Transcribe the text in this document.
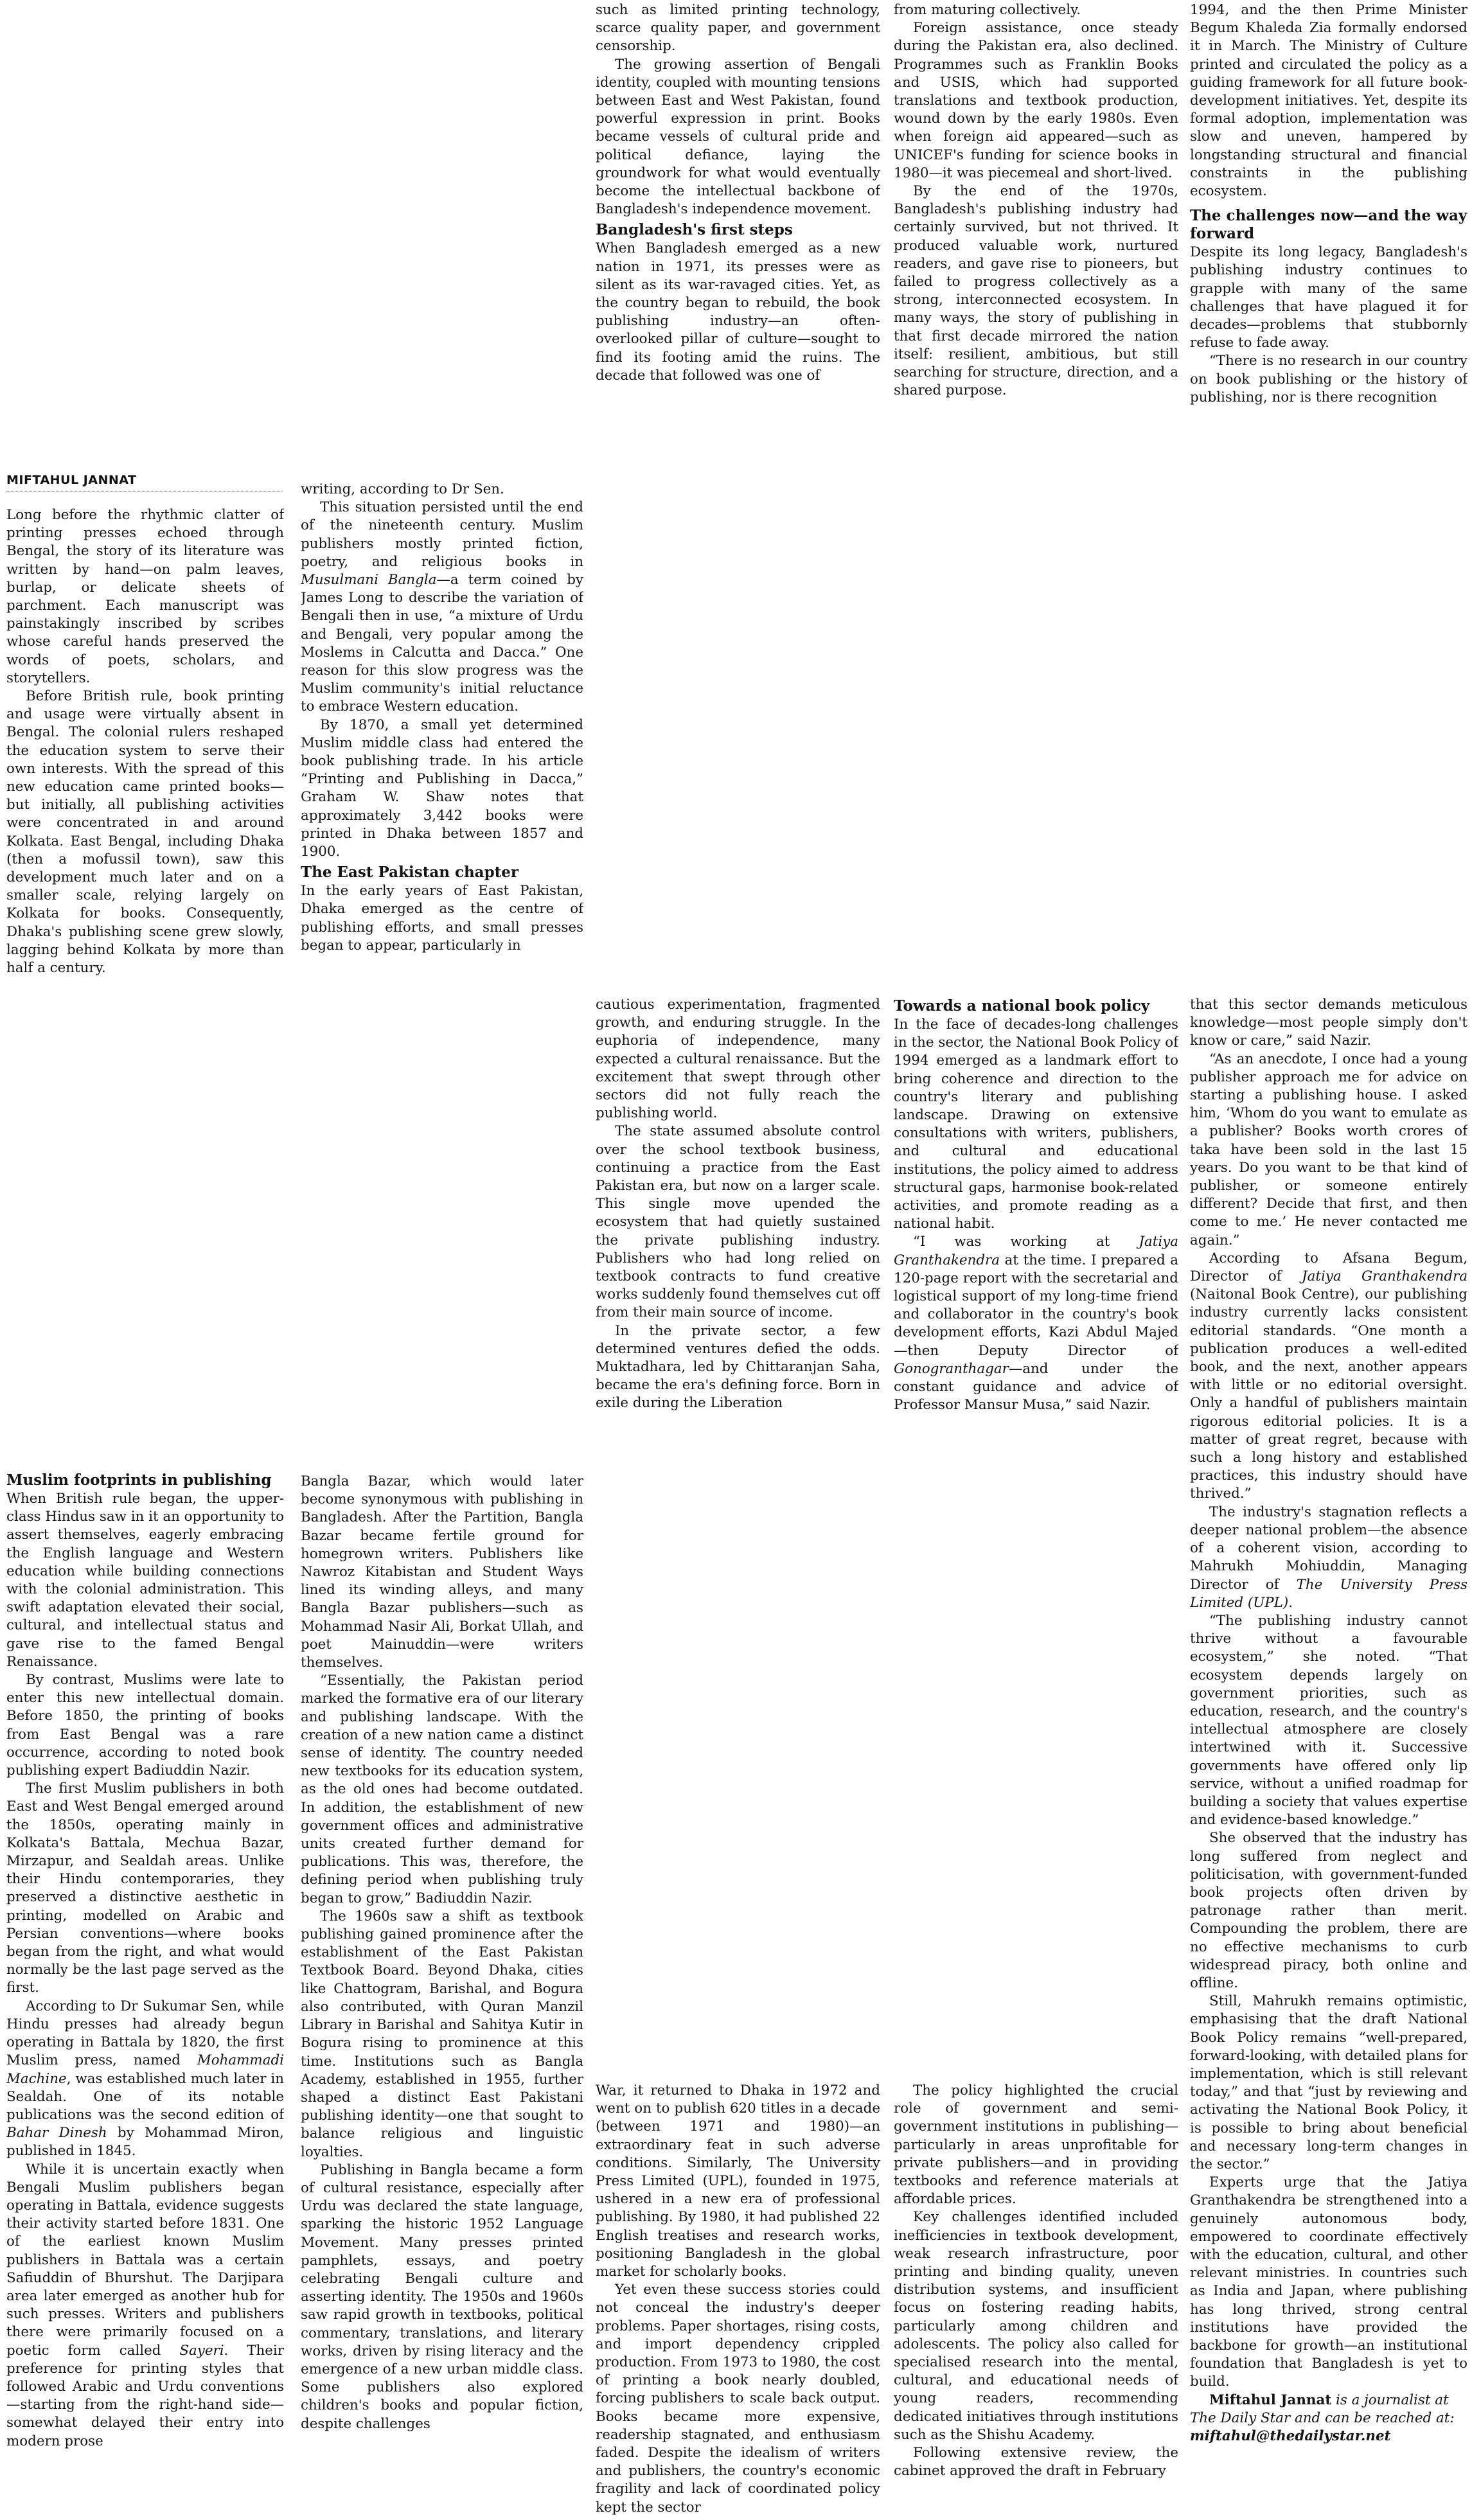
such as limited printing technology, scarce quality paper, and government censorship.

The growing assertion of Bengali identity, coupled with mounting tensions between East and West Pakistan, found powerful expression in print. Books became vessels of cultural pride and political defiance, laying the groundwork for what would eventually become the intellectual backbone of Bangladesh's independence movement.

Bangladesh's first steps

When Bangladesh emerged as a new nation in 1971, its presses were as silent as its war-ravaged cities. Yet, as the country began to rebuild, the book publishing industry—an often-overlooked pillar of culture—sought to find its footing amid the ruins. The decade that followed was one of

from maturing collectively.

Foreign assistance, once steady during the Pakistan era, also declined. Programmes such as Franklin Books and USIS, which had supported translations and textbook production, wound down by the early 1980s. Even when foreign aid appeared—such as UNICEF's funding for science books in 1980—it was piecemeal and short-lived.

By the end of the 1970s, Bangladesh's publishing industry had certainly survived, but not thrived. It produced valuable work, nurtured readers, and gave rise to pioneers, but failed to progress collectively as a strong, interconnected ecosystem. In many ways, the story of publishing in that first decade mirrored the nation itself: resilient, ambitious, but still searching for structure, direction, and a shared purpose.

1994, and the then Prime Minister Begum Khaleda Zia formally endorsed it in March. The Ministry of Culture printed and circulated the policy as a guiding framework for all future book-development initiatives. Yet, despite its formal adoption, implementation was slow and uneven, hampered by longstanding structural and financial constraints in the publishing ecosystem.

The challenges now—and the way forward

Despite its long legacy, Bangladesh's publishing industry continues to grapple with many of the same challenges that have plagued it for decades—problems that stubbornly refuse to fade away.

“There is no research in our country on book publishing or the history of publishing, nor is there recognition

MIFTAHUL JANNAT

Long before the rhythmic clatter of printing presses echoed through Bengal, the story of its literature was written by hand—on palm leaves, burlap, or delicate sheets of parchment. Each manuscript was painstakingly inscribed by scribes whose careful hands preserved the words of poets, scholars, and storytellers.

Before British rule, book printing and usage were virtually absent in Bengal. The colonial rulers reshaped the education system to serve their own interests. With the spread of this new education came printed books—but initially, all publishing activities were concentrated in and around Kolkata. East Bengal, including Dhaka (then a mofussil town), saw this development much later and on a smaller scale, relying largely on Kolkata for books. Consequently, Dhaka's publishing scene grew slowly, lagging behind Kolkata by more than half a century.

writing, according to Dr Sen.

This situation persisted until the end of the nineteenth century. Muslim publishers mostly printed fiction, poetry, and religious books in Musulmani Bangla—a term coined by James Long to describe the variation of Bengali then in use, “a mixture of Urdu and Bengali, very popular among the Moslems in Calcutta and Dacca.” One reason for this slow progress was the Muslim community's initial reluctance to embrace Western education.

By 1870, a small yet determined Muslim middle class had entered the book publishing trade. In his article “Printing and Publishing in Dacca,” Graham W. Shaw notes that approximately 3,442 books were printed in Dhaka between 1857 and 1900.

The East Pakistan chapter

In the early years of East Pakistan, Dhaka emerged as the centre of publishing efforts, and small presses began to appear, particularly in

cautious experimentation, fragmented growth, and enduring struggle. In the euphoria of independence, many expected a cultural renaissance. But the excitement that swept through other sectors did not fully reach the publishing world.

The state assumed absolute control over the school textbook business, continuing a practice from the East Pakistan era, but now on a larger scale. This single move upended the ecosystem that had quietly sustained the private publishing industry. Publishers who had long relied on textbook contracts to fund creative works suddenly found themselves cut off from their main source of income.

In the private sector, a few determined ventures defied the odds. Muktadhara, led by Chittaranjan Saha, became the era's defining force. Born in exile during the Liberation

Towards a national book policy

In the face of decades-long challenges in the sector, the National Book Policy of 1994 emerged as a landmark effort to bring coherence and direction to the country's literary and publishing landscape. Drawing on extensive consultations with writers, publishers, and cultural and educational institutions, the policy aimed to address structural gaps, harmonise book-related activities, and promote reading as a national habit.

“I was working at Jatiya Granthakendra at the time. I prepared a 120-page report with the secretarial and logistical support of my long-time friend and collaborator in the country's book development efforts, Kazi Abdul Majed—then Deputy Director of Gonogranthagar—and under the constant guidance and advice of Professor Mansur Musa,” said Nazir.

that this sector demands meticulous knowledge—most people simply don't know or care,” said Nazir.

“As an anecdote, I once had a young publisher approach me for advice on starting a publishing house. I asked him, ‘Whom do you want to emulate as a publisher? Books worth crores of taka have been sold in the last 15 years. Do you want to be that kind of publisher, or someone entirely different? Decide that first, and then come to me.’ He never contacted me again.”

According to Afsana Begum, Director of Jatiya Granthakendra (Naitonal Book Centre), our publishing industry currently lacks consistent editorial standards. “One month a publication produces a well-edited book, and the next, another appears with little or no editorial oversight. Only a handful of publishers maintain rigorous editorial policies. It is a matter of great regret, because with such a long history and established practices, this industry should have thrived.”

The industry's stagnation reflects a deeper national problem—the absence of a coherent vision, according to Mahrukh Mohiuddin, Managing Director of The University Press Limited (UPL).

“The publishing industry cannot thrive without a favourable ecosystem,” she noted. “That ecosystem depends largely on government priorities, such as education, research, and the country's intellectual atmosphere are closely intertwined with it. Successive governments have offered only lip service, without a unified roadmap for building a society that values expertise and evidence-based knowledge.”

She observed that the industry has long suffered from neglect and politicisation, with government-funded book projects often driven by patronage rather than merit. Compounding the problem, there are no effective mechanisms to curb widespread piracy, both online and offline.

Still, Mahrukh remains optimistic, emphasising that the draft National Book Policy remains “well-prepared, forward-looking, with detailed plans for implementation, which is still relevant today,” and that “just by reviewing and activating the National Book Policy, it is possible to bring about beneficial and necessary long-term changes in the sector.”

Experts urge that the Jatiya Granthakendra be strengthened into a genuinely autonomous body, empowered to coordinate effectively with the education, cultural, and other relevant ministries. In countries such as India and Japan, where publishing has long thrived, strong central institutions have provided the backbone for growth—an institutional foundation that Bangladesh is yet to build.

Miftahul Jannat is a journalist at The Daily Star and can be reached at: miftahul@thedailystar.net

Muslim footprints in publishing

When British rule began, the upper-class Hindus saw in it an opportunity to assert themselves, eagerly embracing the English language and Western education while building connections with the colonial administration. This swift adaptation elevated their social, cultural, and intellectual status and gave rise to the famed Bengal Renaissance.

By contrast, Muslims were late to enter this new intellectual domain. Before 1850, the printing of books from East Bengal was a rare occurrence, according to noted book publishing expert Badiuddin Nazir.

The first Muslim publishers in both East and West Bengal emerged around the 1850s, operating mainly in Kolkata's Battala, Mechua Bazar, Mirzapur, and Sealdah areas. Unlike their Hindu contemporaries, they preserved a distinctive aesthetic in printing, modelled on Arabic and Persian conventions—where books began from the right, and what would normally be the last page served as the first.

According to Dr Sukumar Sen, while Hindu presses had already begun operating in Battala by 1820, the first Muslim press, named Mohammadi Machine, was established much later in Sealdah. One of its notable publications was the second edition of Bahar Dinesh by Mohammad Miron, published in 1845.

While it is uncertain exactly when Bengali Muslim publishers began operating in Battala, evidence suggests their activity started before 1831. One of the earliest known Muslim publishers in Battala was a certain Safiuddin of Bhurshut. The Darjipara area later emerged as another hub for such presses. Writers and publishers there were primarily focused on a poetic form called Sayeri. Their preference for printing styles that followed Arabic and Urdu conventions—starting from the right-hand side—somewhat delayed their entry into modern prose

Bangla Bazar, which would later become synonymous with publishing in Bangladesh. After the Partition, Bangla Bazar became fertile ground for homegrown writers. Publishers like Nawroz Kitabistan and Student Ways lined its winding alleys, and many Bangla Bazar publishers—such as Mohammad Nasir Ali, Borkat Ullah, and poet Mainuddin—were writers themselves.

“Essentially, the Pakistan period marked the formative era of our literary and publishing landscape. With the creation of a new nation came a distinct sense of identity. The country needed new textbooks for its education system, as the old ones had become outdated. In addition, the establishment of new government offices and administrative units created further demand for publications. This was, therefore, the defining period when publishing truly began to grow,” Badiuddin Nazir.

The 1960s saw a shift as textbook publishing gained prominence after the establishment of the East Pakistan Textbook Board. Beyond Dhaka, cities like Chattogram, Barishal, and Bogura also contributed, with Quran Manzil Library in Barishal and Sahitya Kutir in Bogura rising to prominence at this time. Institutions such as Bangla Academy, established in 1955, further shaped a distinct East Pakistani publishing identity—one that sought to balance religious and linguistic loyalties.

Publishing in Bangla became a form of cultural resistance, especially after Urdu was declared the state language, sparking the historic 1952 Language Movement. Many presses printed pamphlets, essays, and poetry celebrating Bengali culture and asserting identity. The 1950s and 1960s saw rapid growth in textbooks, political commentary, translations, and literary works, driven by rising literacy and the emergence of a new urban middle class. Some publishers also explored children's books and popular fiction, despite challenges

War, it returned to Dhaka in 1972 and went on to publish 620 titles in a decade (between 1971 and 1980)—an extraordinary feat in such adverse conditions. Similarly, The University Press Limited (UPL), founded in 1975, ushered in a new era of professional publishing. By 1980, it had published 22 English treatises and research works, positioning Bangladesh in the global market for scholarly books.

Yet even these success stories could not conceal the industry's deeper problems. Paper shortages, rising costs, and import dependency crippled production. From 1973 to 1980, the cost of printing a book nearly doubled, forcing publishers to scale back output. Books became more expensive, readership stagnated, and enthusiasm faded. Despite the idealism of writers and publishers, the country's economic fragility and lack of coordinated policy kept the sector

The policy highlighted the crucial role of government and semi-government institutions in publishing—particularly in areas unprofitable for private publishers—and in providing textbooks and reference materials at affordable prices.

Key challenges identified included inefficiencies in textbook development, weak research infrastructure, poor printing and binding quality, uneven distribution systems, and insufficient focus on fostering reading habits, particularly among children and adolescents. The policy also called for specialised research into the mental, cultural, and educational needs of young readers, recommending dedicated initiatives through institutions such as the Shishu Academy.

Following extensive review, the cabinet approved the draft in February
